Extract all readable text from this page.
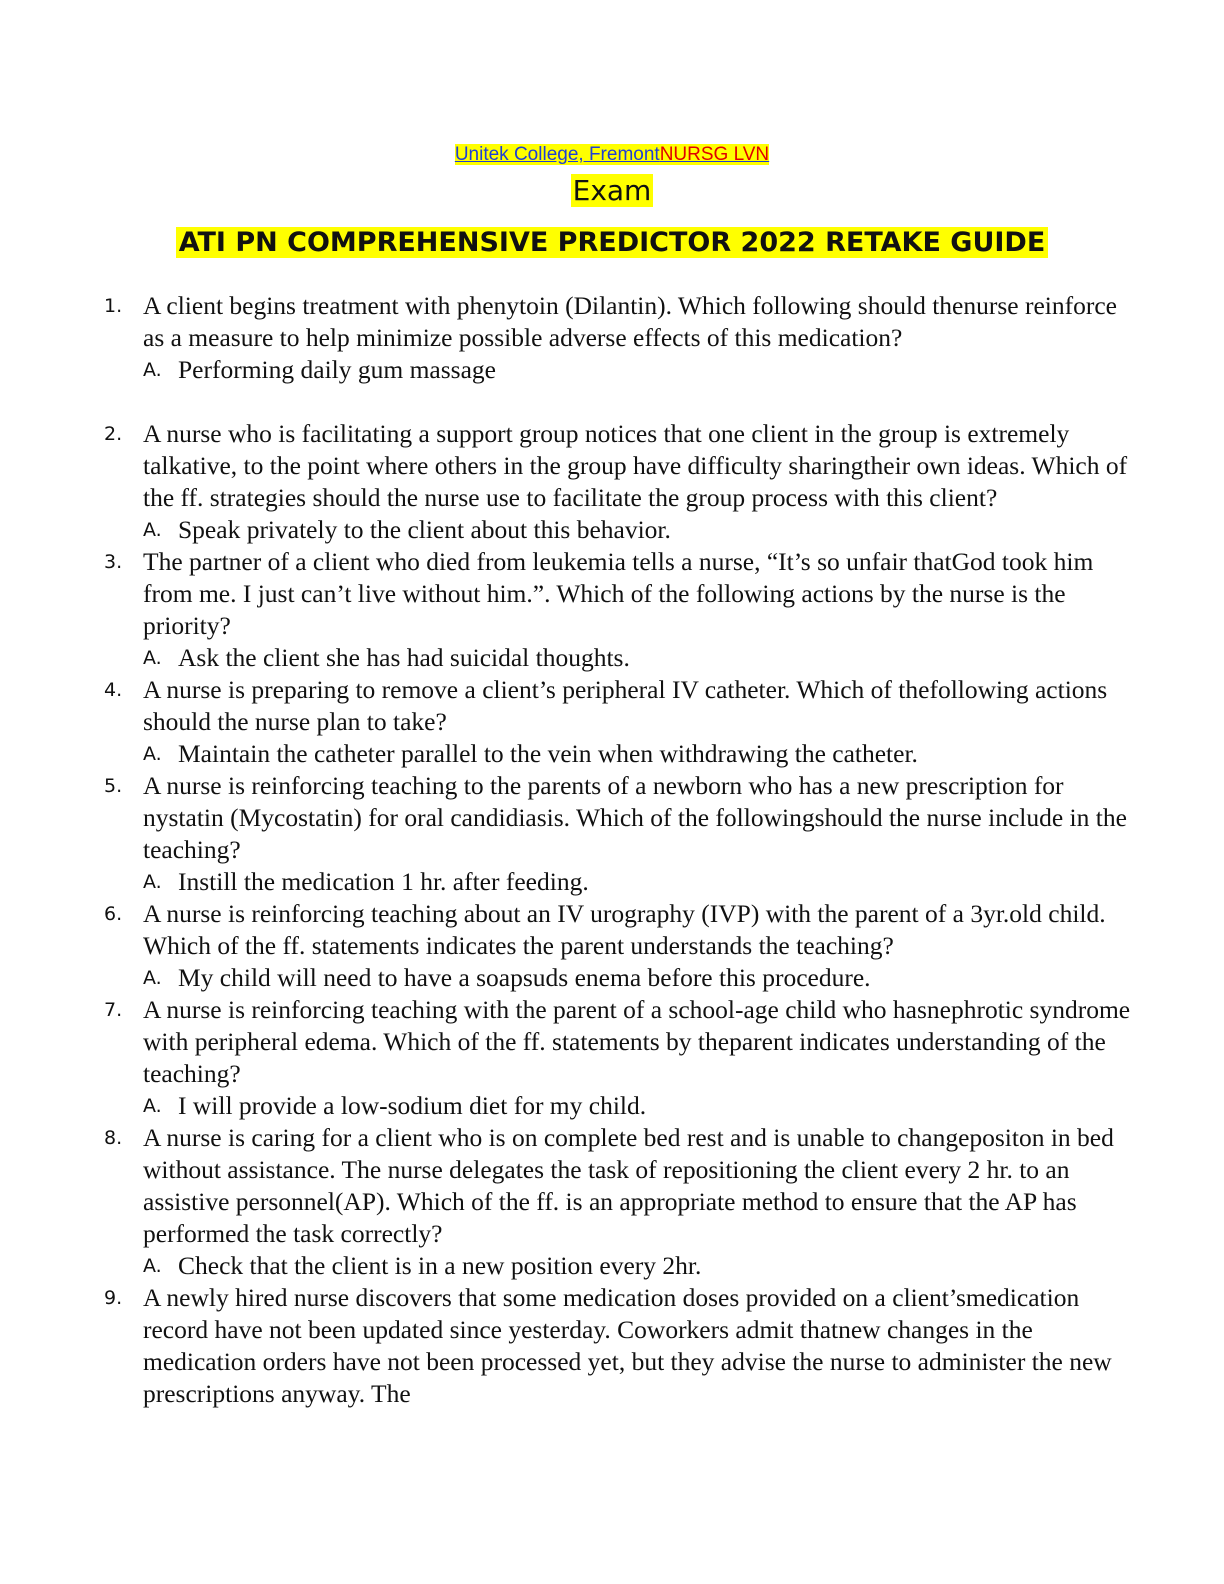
Unitek College, FremontNURSG LVN
Exam
ATI PN COMPREHENSIVE PREDICTOR 2022 RETAKE GUIDE
1. A client begins treatment with phenytoin (Dilantin). Which following should thenurse reinforce as a measure to help minimize possible adverse effects of this medication?
A. Performing daily gum massage
2. A nurse who is facilitating a support group notices that one client in the group is extremely talkative, to the point where others in the group have difficulty sharingtheir own ideas. Which of the ff. strategies should the nurse use to facilitate the group process with this client?
A. Speak privately to the client about this behavior.
3. The partner of a client who died from leukemia tells a nurse, “It’s so unfair thatGod took him from me. I just can’t live without him.”. Which of the following actions by the nurse is the priority?
A. Ask the client she has had suicidal thoughts.
4. A nurse is preparing to remove a client’s peripheral IV catheter. Which of thefollowing actions should the nurse plan to take?
A. Maintain the catheter parallel to the vein when withdrawing the catheter.
5. A nurse is reinforcing teaching to the parents of a newborn who has a new prescription for nystatin (Mycostatin) for oral candidiasis. Which of the followingshould the nurse include in the teaching?
A. Instill the medication 1 hr. after feeding.
6. A nurse is reinforcing teaching about an IV urography (IVP) with the parent of a 3yr.old child. Which of the ff. statements indicates the parent understands the teaching?
A. My child will need to have a soapsuds enema before this procedure.
7. A nurse is reinforcing teaching with the parent of a school-age child who hasnephrotic syndrome with peripheral edema. Which of the ff. statements by theparent indicates understanding of the teaching?
A. I will provide a low-sodium diet for my child.
8. A nurse is caring for a client who is on complete bed rest and is unable to changepositon in bed without assistance. The nurse delegates the task of repositioning the client every 2 hr. to an assistive personnel(AP). Which of the ff. is an appropriate method to ensure that the AP has performed the task correctly?
A. Check that the client is in a new position every 2hr.
9. A newly hired nurse discovers that some medication doses provided on a client’smedication record have not been updated since yesterday. Coworkers admit thatnew changes in the medication orders have not been processed yet, but they advise the nurse to administer the new prescriptions anyway. The
